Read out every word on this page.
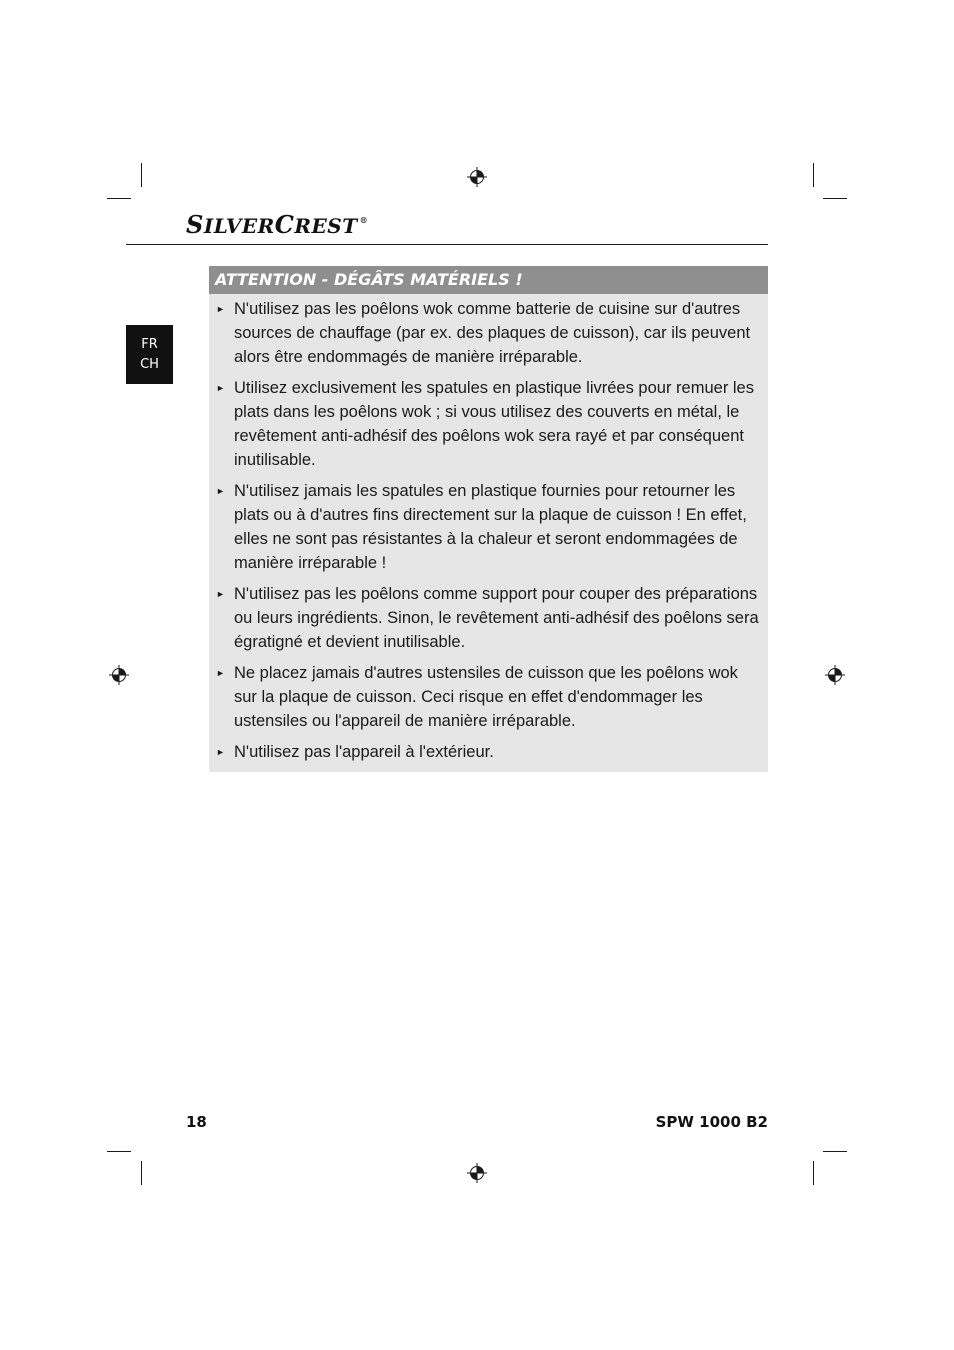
S ILVER C REST ®
FR
CH
ATTENTION - DÉGÂTS MATÉRIELS !
► N'utilisez pas les poêlons wok comme batterie de cuisine sur d'autres sources de chauffage (par ex. des plaques de cuisson), car ils peuvent alors être endommagés de manière irréparable.
► Utilisez exclusivement les spatules en plastique livrées pour remuer les plats dans les poêlons wok ; si vous utilisez des couverts en métal, le revêtement anti-adhésif des poêlons wok sera rayé et par conséquent inutilisable.
► N'utilisez jamais les spatules en plastique fournies pour retourner les plats ou à d'autres fins directement sur la plaque de cuisson ! En effet, elles ne sont pas résistantes à la chaleur et seront endommagées de manière irréparable !
► N'utilisez pas les poêlons comme support pour couper des préparations ou leurs ingrédients. Sinon, le revêtement anti-adhésif des poêlons sera égratigné et devient inutilisable.
► Ne placez jamais d'autres ustensiles de cuisson que les poêlons wok sur la plaque de cuisson. Ceci risque en effet d'endommager les ustensiles ou l'appareil de manière irréparable.
► N'utilisez pas l'appareil à l'extérieur.
18	SPW 1000 B2
